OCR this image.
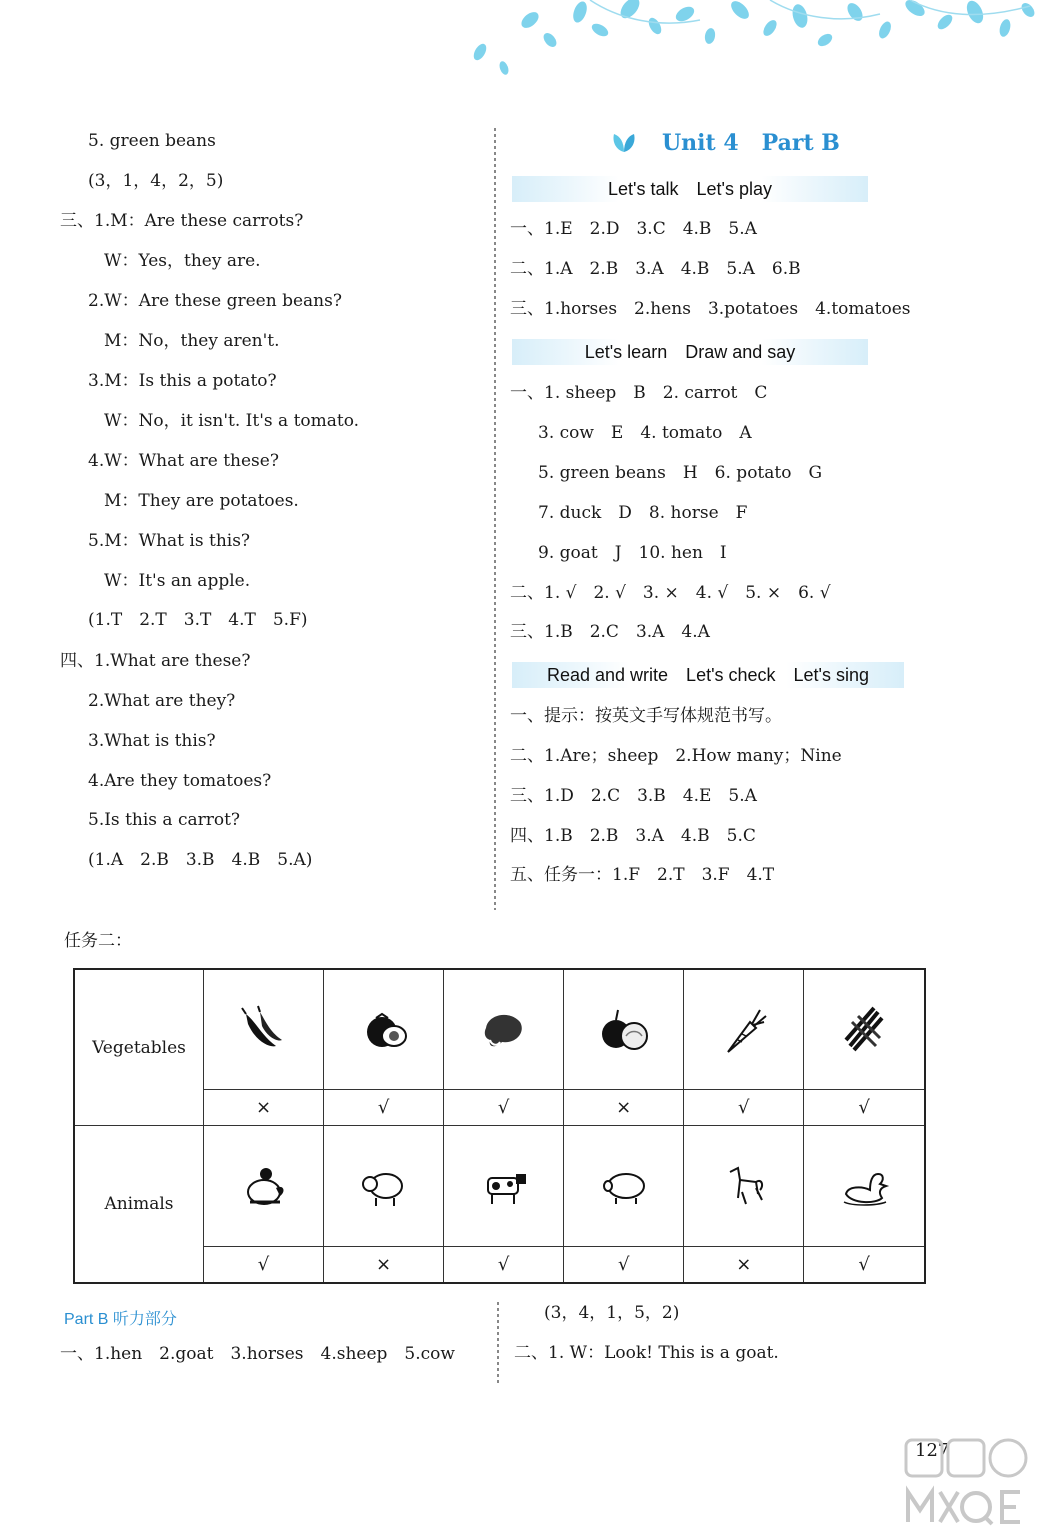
5. green beans
(3，1，4，2，5)
三、1.M：Are these carrots?
W：Yes，they are.
2.W：Are these green beans?
M：No，they aren't.
3.M：Is this a potato?
W：No，it isn't. It's a tomato.
4.W：What are these?
M：They are potatoes.
5.M：What is this?
W：It's an apple.
(1.T　2.T　3.T　4.T　5.F)
四、1.What are these?
2.What are they?
3.What is this?
4.Are they tomatoes?
5.Is this a carrot?
(1.A　2.B　3.B　4.B　5.A)
Unit 4 Part B
Let's talk　Let's play
一、1.E　2.D　3.C　4.B　5.A
二、1.A　2.B　3.A　4.B　5.A　6.B
三、1.horses　2.hens　3.potatoes　4.tomatoes
Let's learn　Draw and say
一、1. sheep　B　2. carrot　C
3. cow　E　4. tomato　A
5. green beans　H　6. potato　G
7. duck　D　8. horse　F
9. goat　J　10. hen　I
二、1. √　2. √　3. ×　4. √　5. ×　6. √
三、1.B　2.C　3.A　4.A
Read and write　Let's check　Let's sing
一、提示：按英文手写体规范书写。
二、1.Are；sheep　2.How many；Nine
三、1.D　2.C　3.B　4.E　5.A
四、1.B　2.B　3.A　4.B　5.C
五、任务一：1.F　2.T　3.F　4.T
任务二：
Vegetables	

	×	√	√	×	√	√
Animals	

	√	×	√	√	×	√
Part B 听力部分
一、1.hen　2.goat　3.horses　4.sheep　5.cow
(3，4，1，5，2)
二、1. W：Look! This is a goat.
127
